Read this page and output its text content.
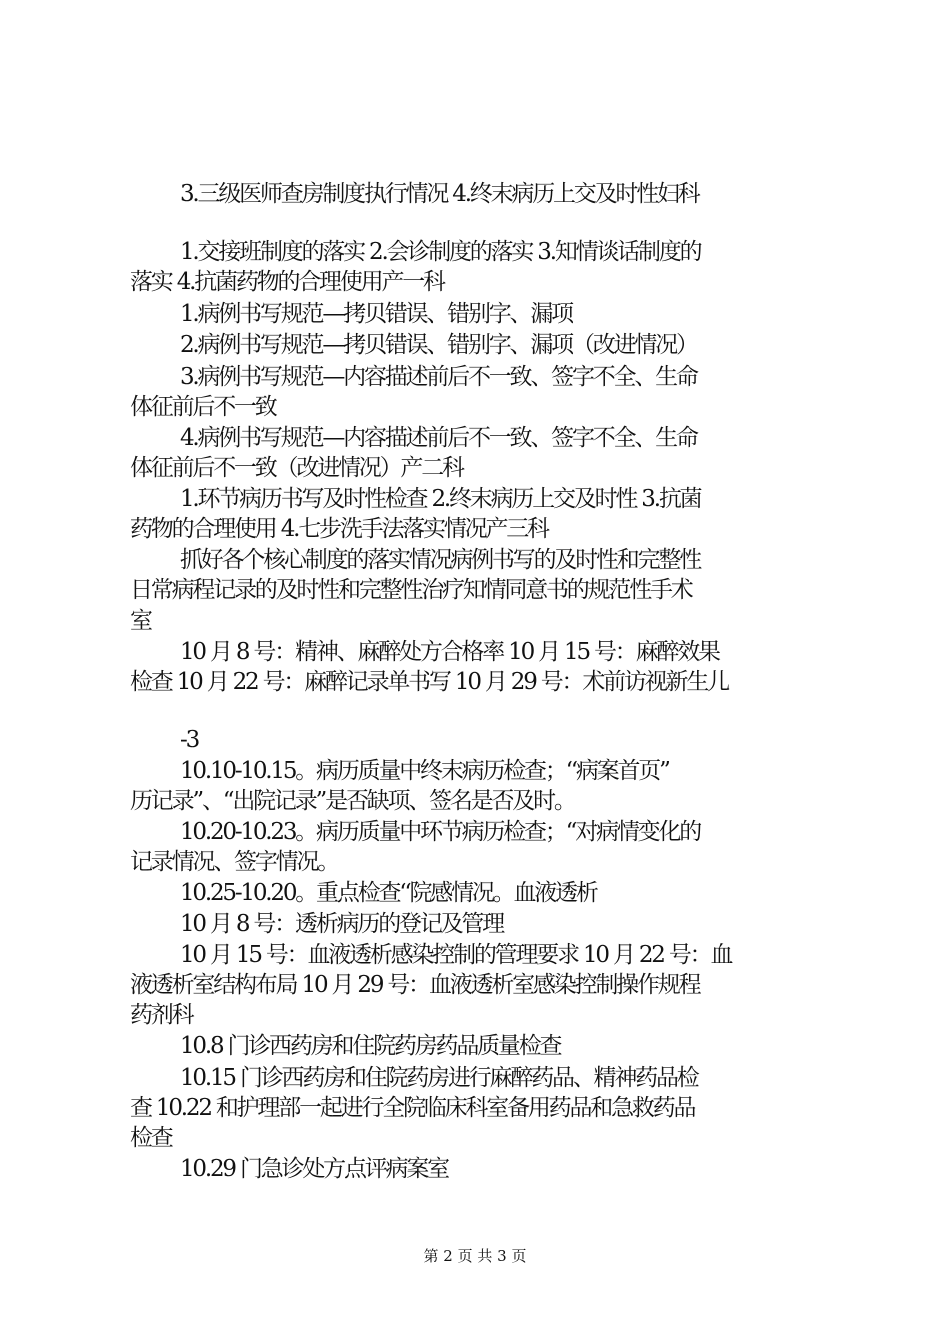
3.三级医师查房制度执行情况 4.终末病历上交及时性妇科
1.交接班制度的落实 2.会诊制度的落实 3.知情谈话制度的
落实 4.抗菌药物的合理使用产一科
1.病例书写规范—拷贝错误、错别字、漏项
2.病例书写规范—拷贝错误、错别字、漏项（改进情况）
3.病例书写规范—内容描述前后不一致、签字不全、生命
体征前后不一致
4.病例书写规范—内容描述前后不一致、签字不全、生命
体征前后不一致（改进情况）产二科
1.环节病历书写及时性检查 2.终末病历上交及时性 3.抗菌
药物的合理使用 4.七步洗手法落实情况产三科
抓好各个核心制度的落实情况病例书写的及时性和完整性
日常病程记录的及时性和完整性治疗知情同意书的规范性手术
室
10 月 8 号：精神、麻醉处方合格率 10 月 15 号：麻醉效果
检查 10 月 22 号：麻醉记录单书写 10 月 29 号：术前访视新生儿
-3
10.10-10.15。病历质量中终末病历检查；‘‘病案首页”
历记录”、“出院记录”是否缺项、签名是否及时。
10.20-10.23。病历质量中环节病历检查；“对病情变化的
记录情况、签字情况。
10.25-10.20。重点检查‘‘院感情况。血液透析
10 月 8 号：透析病历的登记及管理
10 月 15 号：血液透析感染控制的管理要求 10 月 22 号：血
液透析室结构布局 10 月 29 号：血液透析室感染控制操作规程
药剂科
10.8 门诊西药房和住院药房药品质量检查
10.15 门诊西药房和住院药房进行麻醉药品、精神药品检
查 10.22 和护理部一起进行全院临床科室备用药品和急救药品
检查
10.29 门急诊处方点评病案室
第 2 页 共 3 页
